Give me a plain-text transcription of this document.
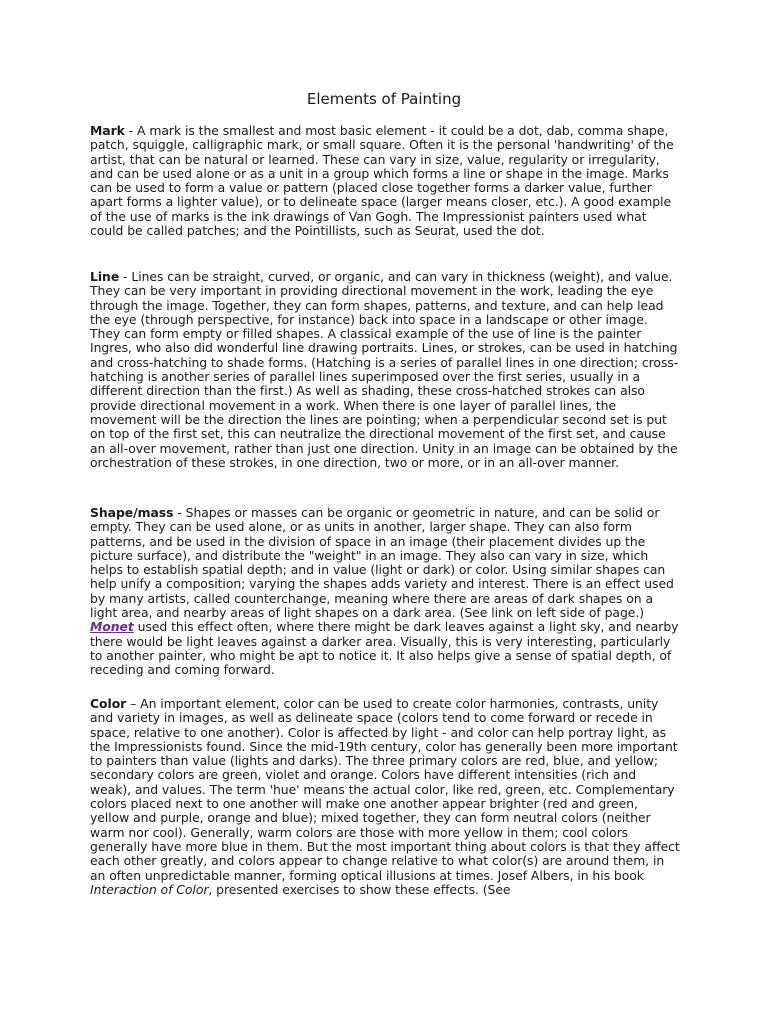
Elements of Painting

Mark - A mark is the smallest and most basic element - it could be a dot, dab, comma shape, patch, squiggle, calligraphic mark, or small square. Often it is the personal 'handwriting' of the artist, that can be natural or learned. These can vary in size, value, regularity or irregularity, and can be used alone or as a unit in a group which forms a line or shape in the image. Marks can be used to form a value or pattern (placed close together forms a darker value, further apart forms a lighter value), or to delineate space (larger means closer, etc.). A good example of the use of marks is the ink drawings of Van Gogh. The Impressionist painters used what could be called patches; and the Pointillists, such as Seurat, used the dot.

Line - Lines can be straight, curved, or organic, and can vary in thickness (weight), and value. They can be very important in providing directional movement in the work, leading the eye through the image. Together, they can form shapes, patterns, and texture, and can help lead the eye (through perspective, for instance) back into space in a landscape or other image. They can form empty or filled shapes. A classical example of the use of line is the painter Ingres, who also did wonderful line drawing portraits. Lines, or strokes, can be used in hatching and cross-hatching to shade forms. (Hatching is a series of parallel lines in one direction; cross-hatching is another series of parallel lines superimposed over the first series, usually in a different direction than the first.) As well as shading, these cross-hatched strokes can also provide directional movement in a work. When there is one layer of parallel lines, the movement will be the direction the lines are pointing; when a perpendicular second set is put on top of the first set, this can neutralize the directional movement of the first set, and cause an all-over movement, rather than just one direction. Unity in an image can be obtained by the orchestration of these strokes, in one direction, two or more, or in an all-over manner.

Shape/mass - Shapes or masses can be organic or geometric in nature, and can be solid or empty. They can be used alone, or as units in another, larger shape. They can also form patterns, and be used in the division of space in an image (their placement divides up the picture surface), and distribute the "weight" in an image. They also can vary in size, which helps to establish spatial depth; and in value (light or dark) or color. Using similar shapes can help unify a composition; varying the shapes adds variety and interest. There is an effect used by many artists, called counterchange, meaning where there are areas of dark shapes on a light area, and nearby areas of light shapes on a dark area. (See link on left side of page.) Monet used this effect often, where there might be dark leaves against a light sky, and nearby there would be light leaves against a darker area. Visually, this is very interesting, particularly to another painter, who might be apt to notice it. It also helps give a sense of spatial depth, of receding and coming forward.

Color – An important element, color can be used to create color harmonies, contrasts, unity and variety in images, as well as delineate space (colors tend to come forward or recede in space, relative to one another). Color is affected by light - and color can help portray light, as the Impressionists found. Since the mid-19th century, color has generally been more important to painters than value (lights and darks). The three primary colors are red, blue, and yellow; secondary colors are green, violet and orange. Colors have different intensities (rich and weak), and values. The term 'hue' means the actual color, like red, green, etc. Complementary colors placed next to one another will make one another appear brighter (red and green, yellow and purple, orange and blue); mixed together, they can form neutral colors (neither warm nor cool). Generally, warm colors are those with more yellow in them; cool colors generally have more blue in them. But the most important thing about colors is that they affect each other greatly, and colors appear to change relative to what color(s) are around them, in an often unpredictable manner, forming optical illusions at times. Josef Albers, in his book Interaction of Color, presented exercises to show these effects. (See
